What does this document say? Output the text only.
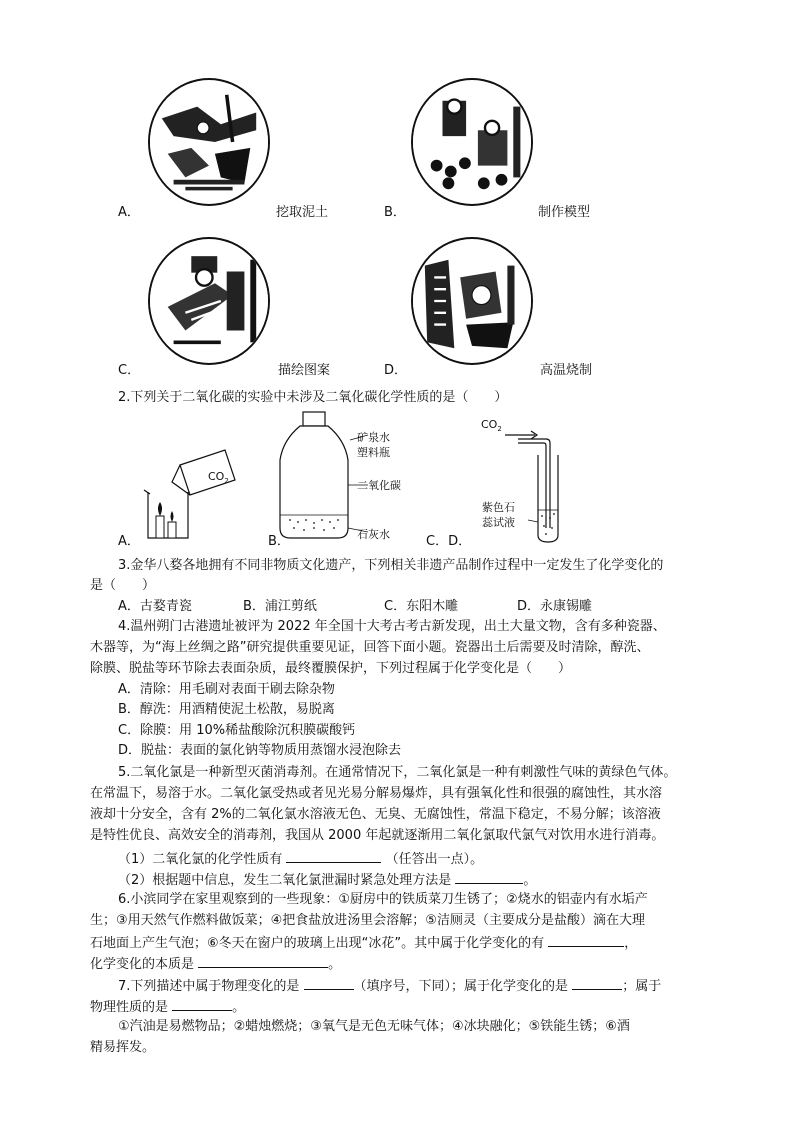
A．	挖取泥土	B．	制作模型
C．	描绘图案	D．	高温烧制
2.下列关于二氧化碳的实验中未涉及二氧化碳化学性质的是（　　）
$CO_2$
矿泉水
塑料瓶
二氧化碳
石灰水
$CO_2$
紫色石
蕊试液
A．	B．	C．D．
3.金华八婺各地拥有不同非物质文化遗产，下列相关非遗产品制作过程中一定发生了化学变化的
是（　　）
A．古婺青瓷	B．浦江剪纸	C．东阳木雕	D．永康锡雕
4.温州朔门古港遗址被评为 2022 年全国十大考古考古新发现，出土大量文物，含有多种瓷器、
木器等，为“海上丝绸之路”研究提供重要见证，回答下面小题。瓷器出土后需要及时清除，醇洗、
除膜、脱盐等环节除去表面杂质，最终覆膜保护，下列过程属于化学变化是（　　）
A．清除：用毛刷对表面干刷去除杂物
B．醇洗：用酒精使泥土松散，易脱离
C．除膜：用 10%稀盐酸除沉积膜碳酸钙
D．脱盐：表面的氯化钠等物质用蒸馏水浸泡除去
5.二氧化氯是一种新型灭菌消毒剂。在通常情况下，二氧化氯是一种有刺激性气味的黄绿色气体。
在常温下，易溶于水。二氧化氯受热或者见光易分解易爆炸，具有强氧化性和很强的腐蚀性，其水溶
液却十分安全，含有 2%的二氧化氯水溶液无色、无臭、无腐蚀性，常温下稳定，不易分解；该溶液
是特性优良、高效安全的消毒剂，我国从 2000 年起就逐渐用二氧化氯取代氯气对饮用水进行消毒。
（1）二氧化氯的化学性质有	（任答出一点）。
（2）根据题中信息，发生二氧化氯泄漏时紧急处理方法是	。
6.小滨同学在家里观察到的一些现象：①厨房中的铁质菜刀生锈了；②烧水的铝壶内有水垢产
生；③用天然气作燃料做饭菜；④把食盐放进汤里会溶解；⑤洁厕灵（主要成分是盐酸）滴在大理
石地面上产生气泡；⑥冬天在窗户的玻璃上出现“冰花”。其中属于化学变化的有	，
化学变化的本质是	。
7.下列描述中属于物理变化的是	（填序号，下同）；属于化学变化的是	；属于
物理性质的是	。
①汽油是易燃物品；②蜡烛燃烧；③氧气是无色无味气体；④冰块融化；⑤铁能生锈；⑥酒
精易挥发。
